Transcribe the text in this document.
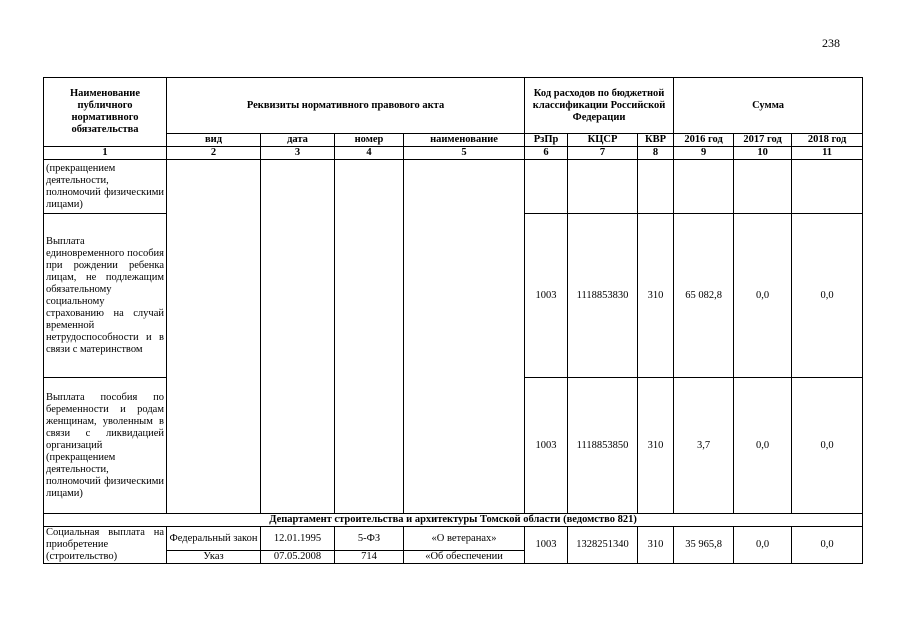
238
Наименование публичного нормативного обязательства	Реквизиты нормативного правового акта				Код расходов по бюджетной классификации Российской Федерации			Сумма		
	вид	дата	номер	наименование	РзПр	КЦСР	КВР	2016 год	2017 год	2018 год
1	2	3	4	5	6	7	8	9	10	11
(прекращением деятельности, полномочий физическими лицами)										
Выплата единовременного пособия при рождении ребенка лицам, не подлежащим обязательному социальному страхованию на случай временной нетрудоспособности и в связи с материнством					1003	1118853830	310	65 082,8	0,0	0,0
Выплата пособия по беременности и родам женщинам, уволенным в связи с ликвидацией организаций (прекращением деятельности, полномочий физическими лицами)					1003	1118853850	310	3,7	0,0	0,0
Департамент строительства и архитектуры Томской области (ведомство 821)										
Социальная выплата на приобретение (строительство)	Федеральный закон	12.01.1995	5-ФЗ	«О ветеранах»	1003	1328251340	310	35 965,8	0,0	0,0
	Указ	07.05.2008	714	«Об обеспечении						
